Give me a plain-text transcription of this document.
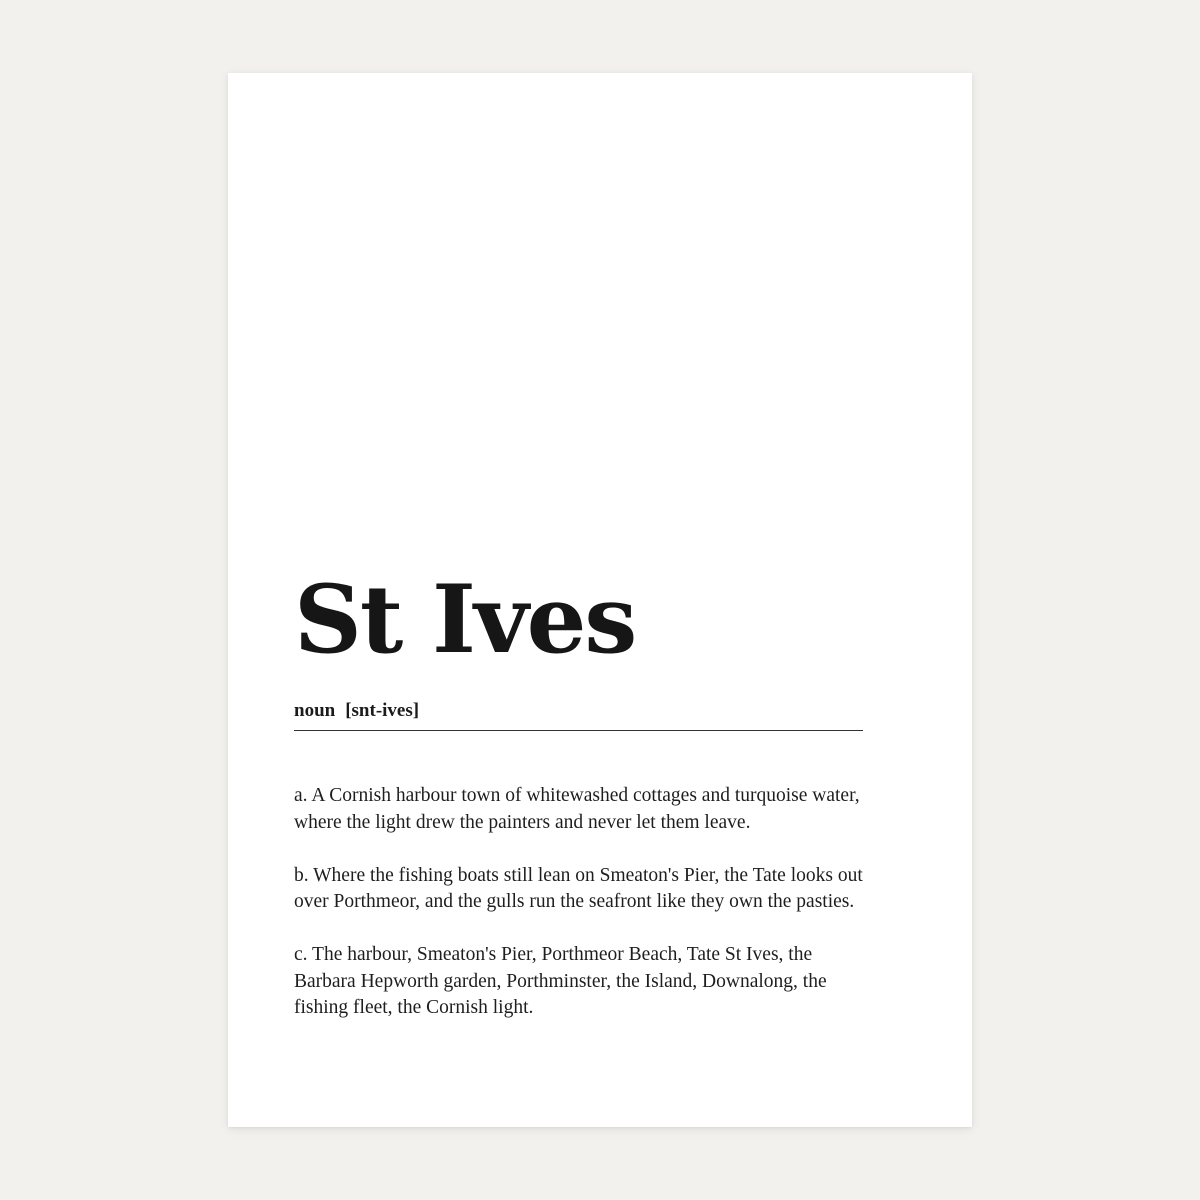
St Ives
noun [snt-ives]

a. A Cornish harbour town of whitewashed cottages and turquoise water, where the light drew the painters and never let them leave.

b. Where the fishing boats still lean on Smeaton's Pier, the Tate looks out over Porthmeor, and the gulls run the seafront like they own the pasties.

c. The harbour, Smeaton's Pier, Porthmeor Beach, Tate St Ives, the Barbara Hepworth garden, Porthminster, the Island, Downalong, the fishing fleet, the Cornish light.
